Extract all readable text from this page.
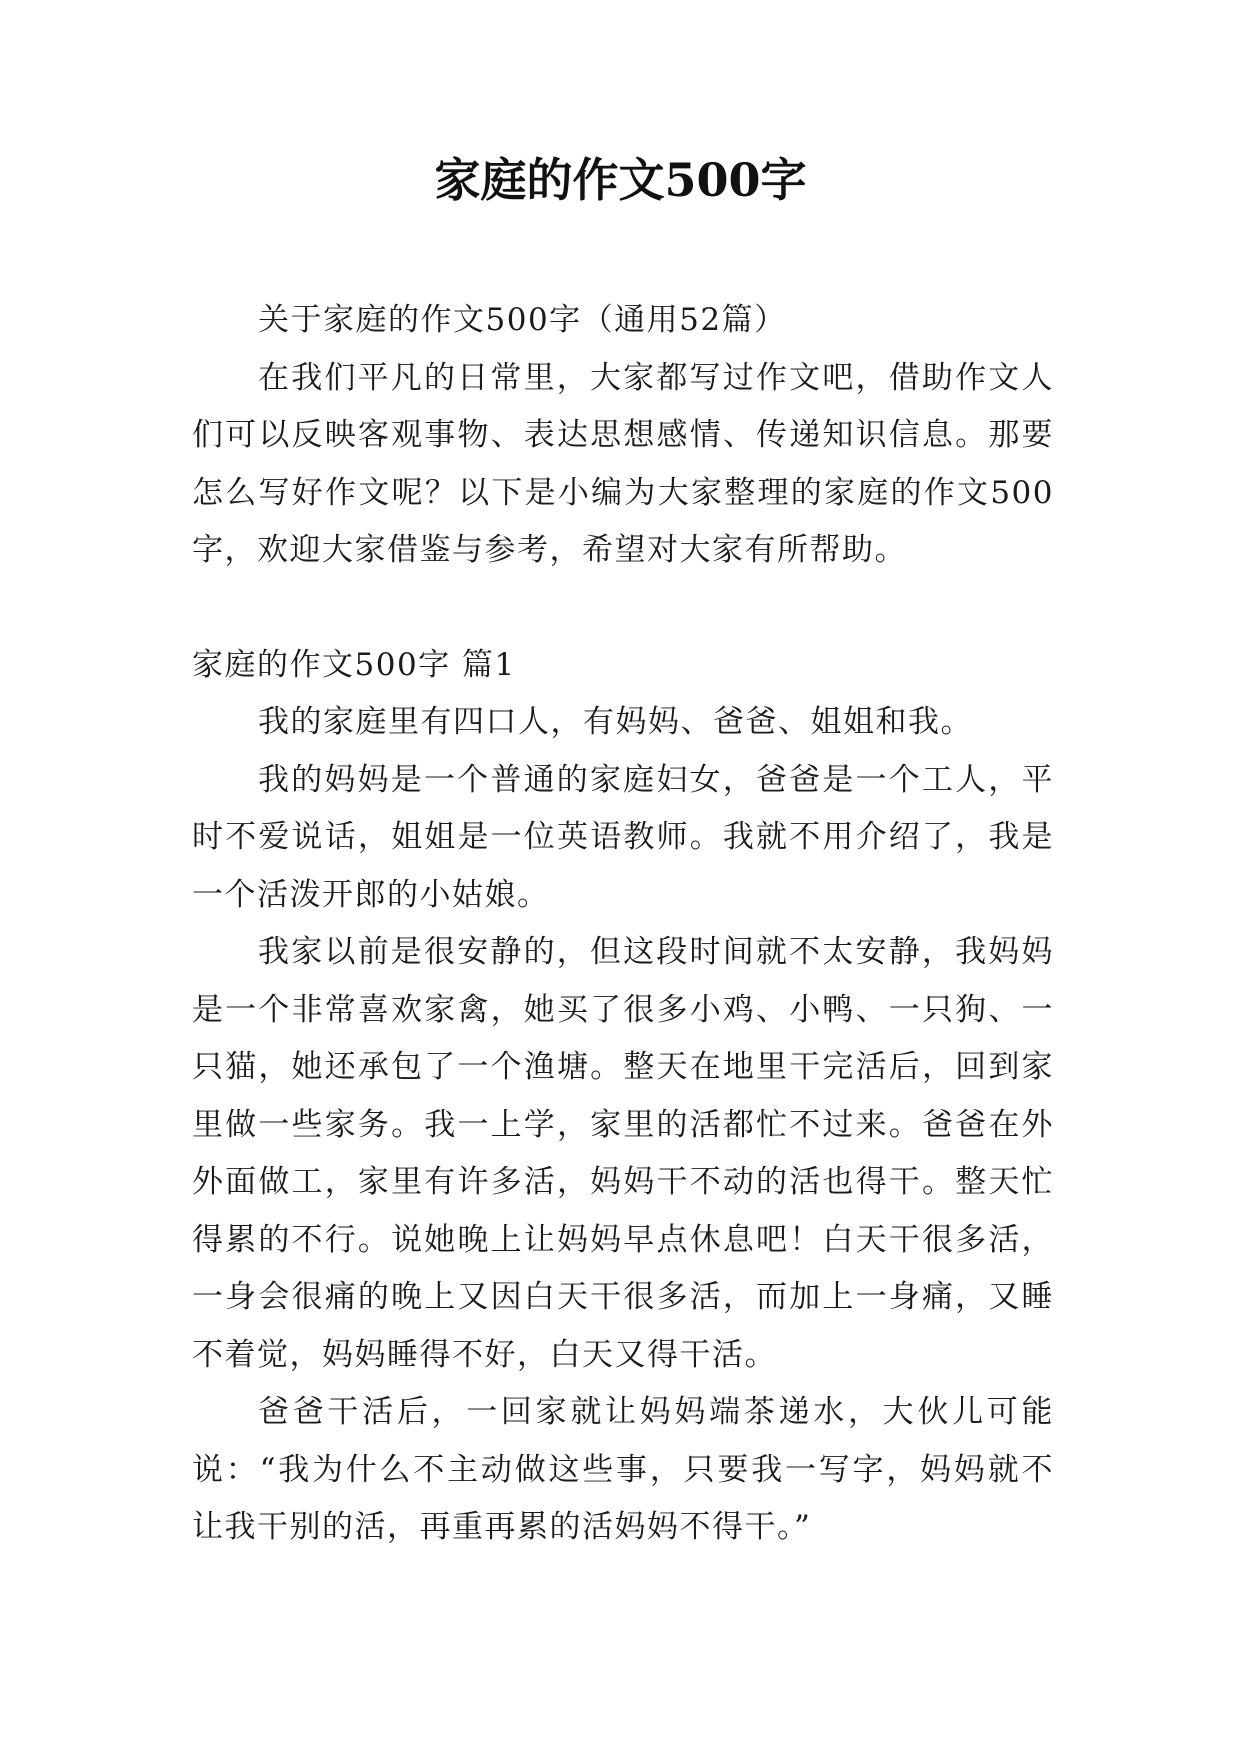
家庭的作文500字

关于家庭的作文500字（通用52篇）

在我们平凡的日常里，大家都写过作文吧，借助作文人们可以反映客观事物、表达思想感情、传递知识信息。那要怎么写好作文呢？以下是小编为大家整理的家庭的作文500字，欢迎大家借鉴与参考，希望对大家有所帮助。

家庭的作文500字 篇1

我的家庭里有四口人，有妈妈、爸爸、姐姐和我。

我的妈妈是一个普通的家庭妇女，爸爸是一个工人，平时不爱说话，姐姐是一位英语教师。我就不用介绍了，我是一个活泼开郎的小姑娘。

我家以前是很安静的，但这段时间就不太安静，我妈妈是一个非常喜欢家禽，她买了很多小鸡、小鸭、一只狗、一只猫，她还承包了一个渔塘。整天在地里干完活后，回到家里做一些家务。我一上学，家里的活都忙不过来。爸爸在外外面做工，家里有许多活，妈妈干不动的活也得干。整天忙得累的不行。说她晚上让妈妈早点休息吧！白天干很多活，一身会很痛的晚上又因白天干很多活，而加上一身痛，又睡不着觉，妈妈睡得不好，白天又得干活。

爸爸干活后，一回家就让妈妈端茶递水，大伙儿可能说：“我为什么不主动做这些事，只要我一写字，妈妈就不让我干别的活，再重再累的活妈妈不得干。”
